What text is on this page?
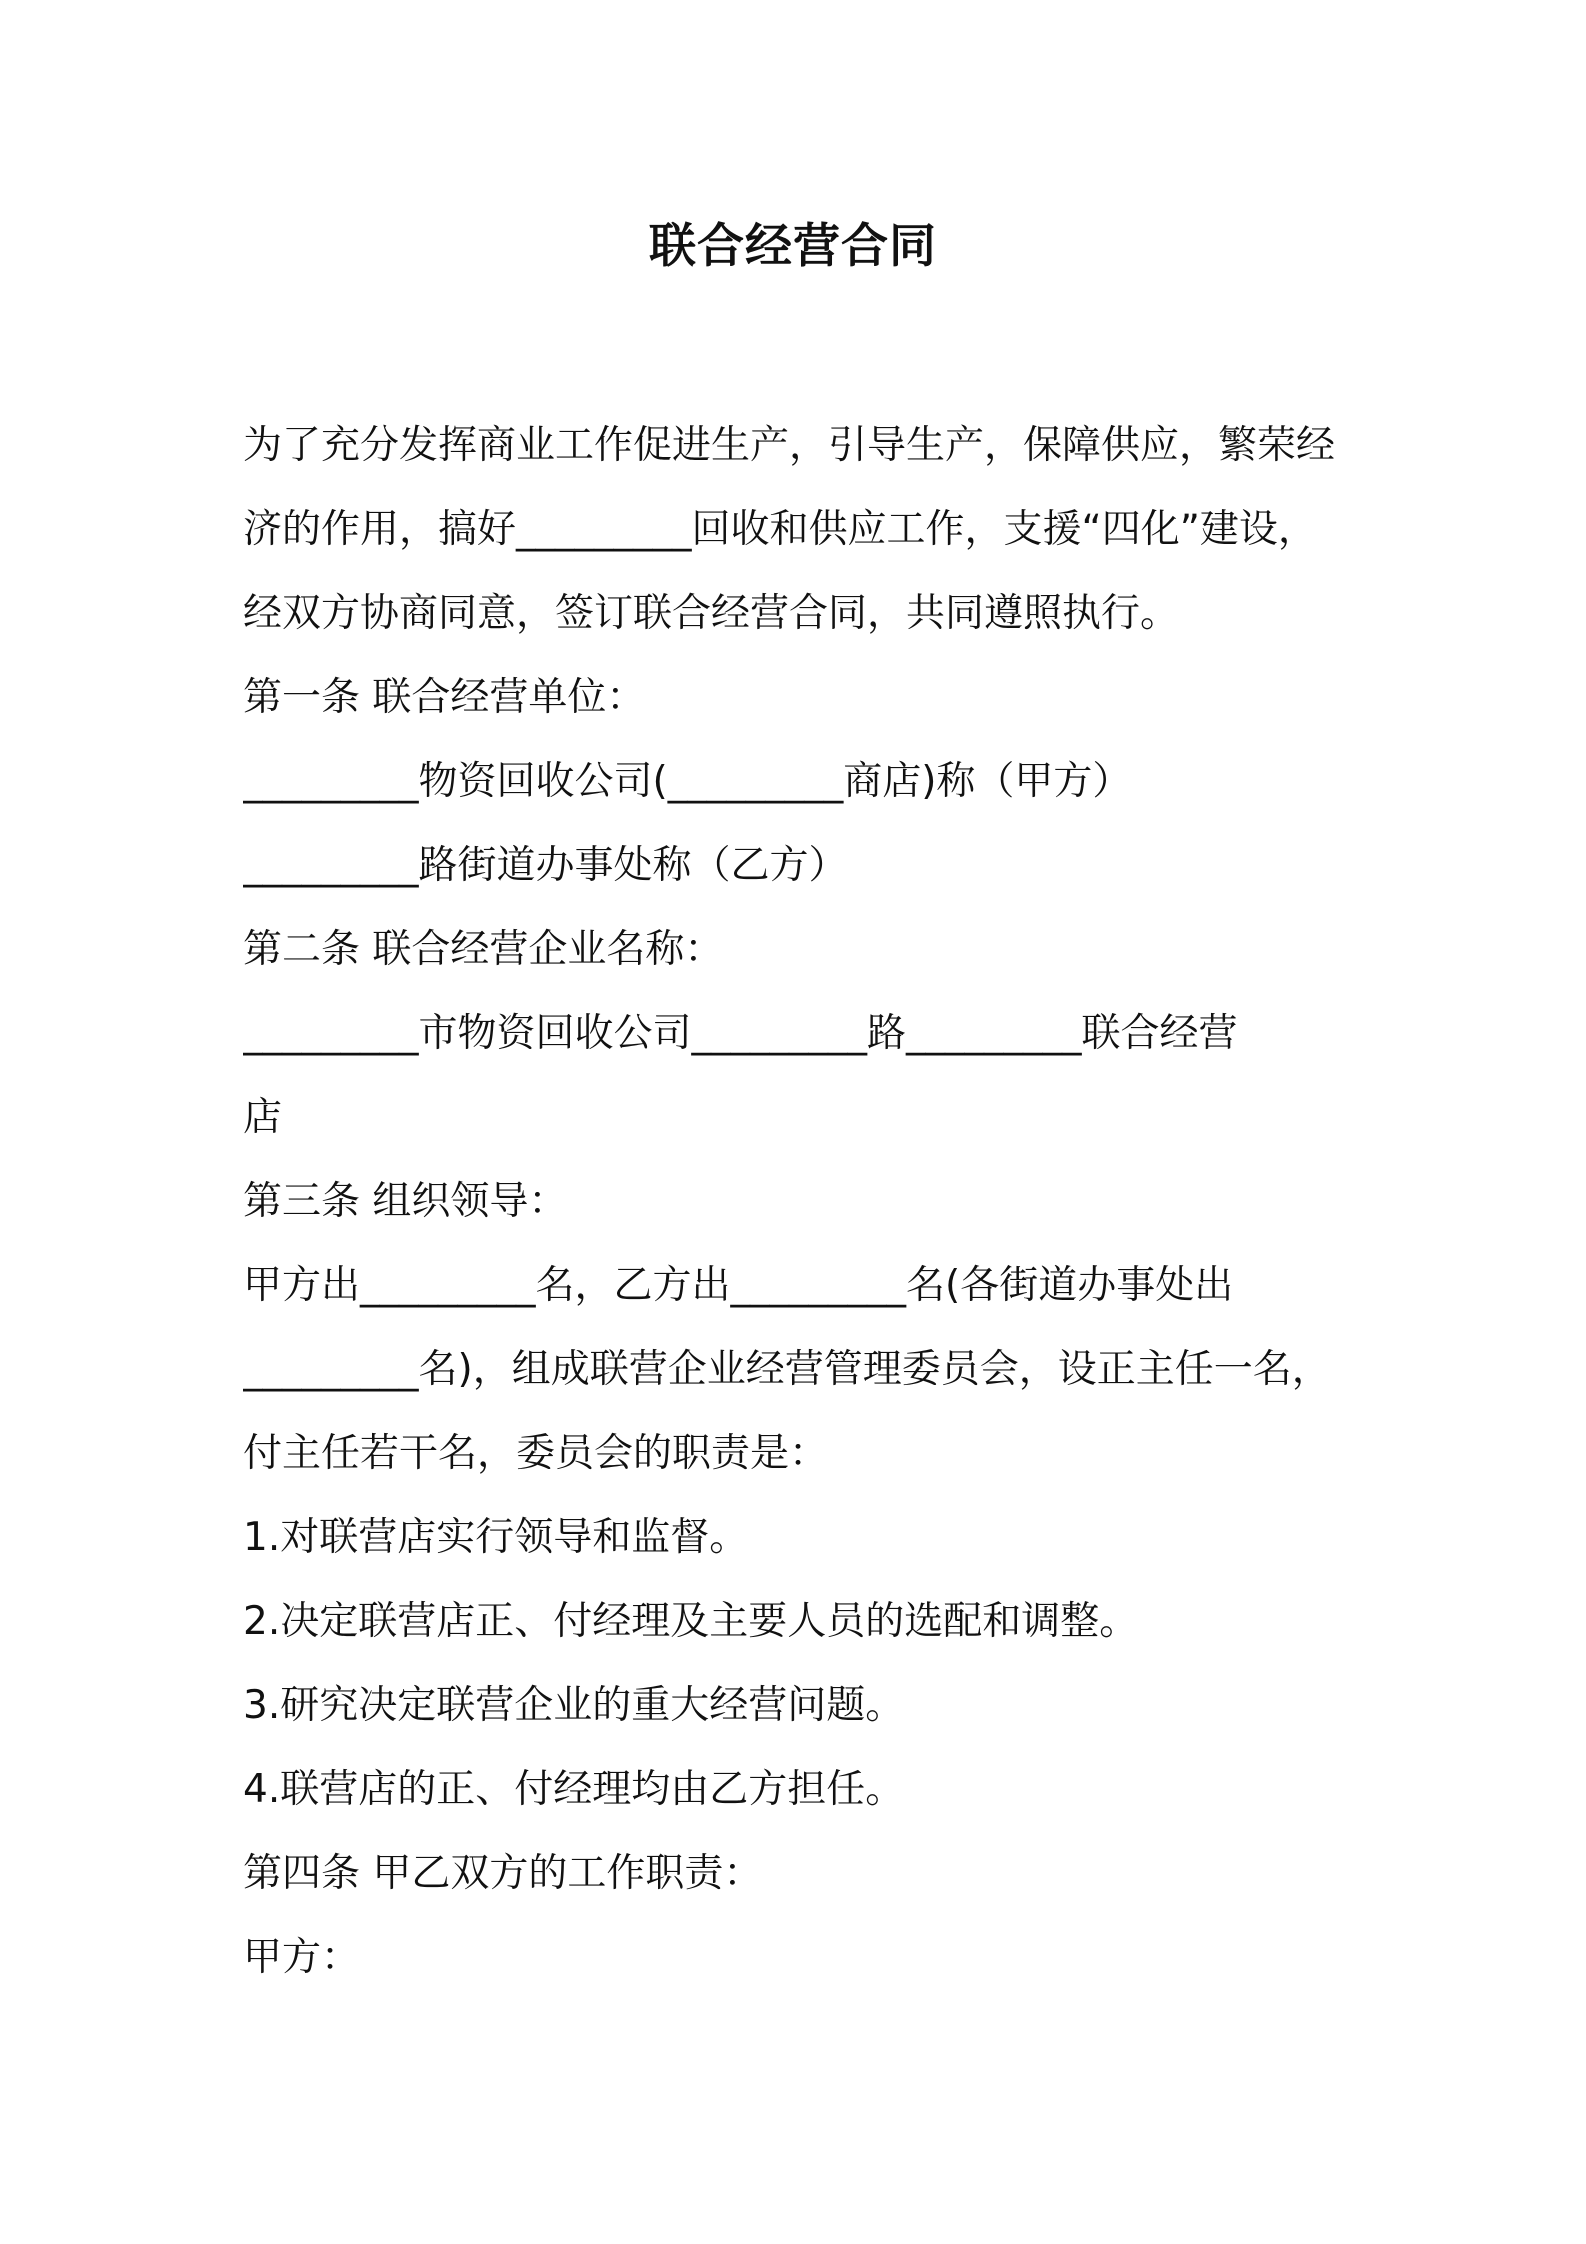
联合经营合同
为了充分发挥商业工作促进生产，引导生产，保障供应，繁荣经
济的作用，搞好_________回收和供应工作，支援“四化”建设，
经双方协商同意，签订联合经营合同，共同遵照执行。
第一条 联合经营单位：
_________物资回收公司(_________商店)称（甲方）
_________路街道办事处称（乙方）
第二条 联合经营企业名称：
_________市物资回收公司_________路_________联合经营
店
第三条 组织领导：
甲方出_________名，乙方出_________名(各街道办事处出
_________名)，组成联营企业经营管理委员会，设正主任一名，
付主任若干名，委员会的职责是：
1.对联营店实行领导和监督。
2.决定联营店正、付经理及主要人员的选配和调整。
3.研究决定联营企业的重大经营问题。
4.联营店的正、付经理均由乙方担任。
第四条 甲乙双方的工作职责：
甲方：
